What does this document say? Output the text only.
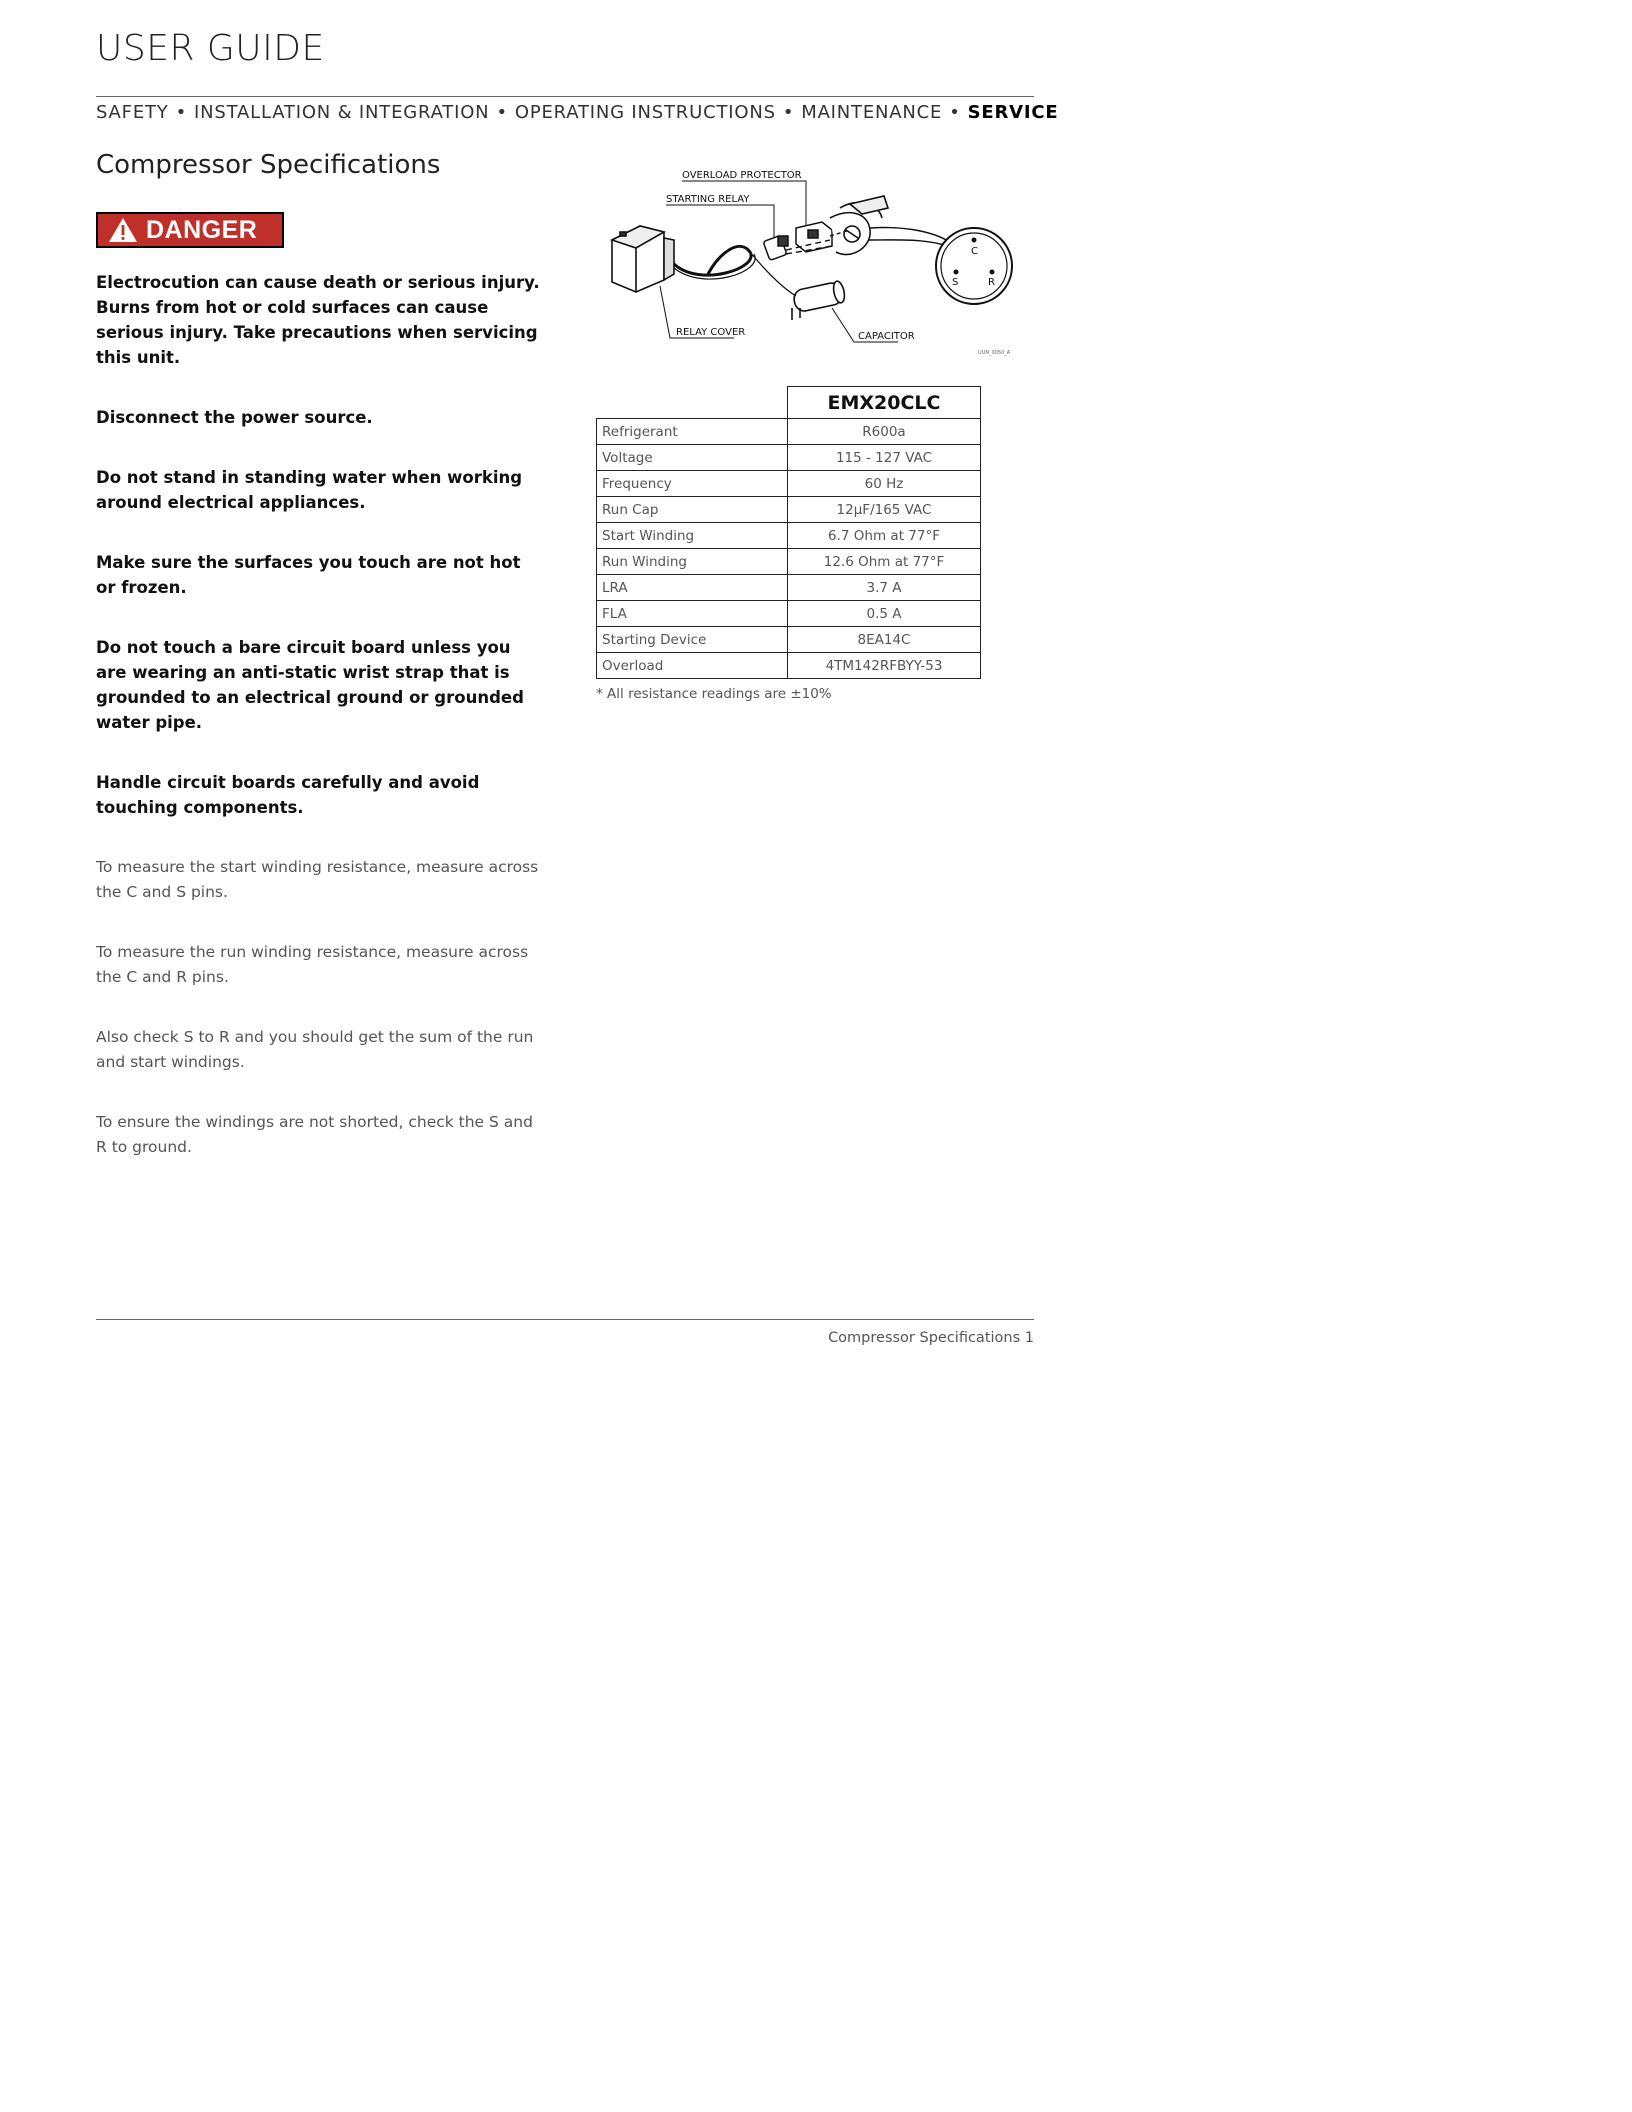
USER GUIDE
SAFETY • INSTALLATION & INTEGRATION • OPERATING INSTRUCTIONS • MAINTENANCE • SERVICE
Compressor Specifications
DANGER

Electrocution can cause death or serious injury. Burns from hot or cold surfaces can cause serious injury. Take precautions when servicing this unit.

Disconnect the power source.

Do not stand in standing water when working around electrical appliances.

Make sure the surfaces you touch are not hot or frozen.

Do not touch a bare circuit board unless you are wearing an anti-static wrist strap that is grounded to an electrical ground or grounded water pipe.

Handle circuit boards carefully and avoid touching components.

To measure the start winding resistance, measure across the C and S pins.

To measure the run winding resistance, measure across the C and R pins.

Also check S to R and you should get the sum of the run and start windings.

To ensure the windings are not shorted, check the S and R to ground.

C
S	R
OVERLOAD PROTECTOR
STARTING RELAY
RELAY COVER	CAPACITOR
UUN_0050_A
	EMX20CLC
Refrigerant	R600a
Voltage	115 - 127 VAC
Frequency	60 Hz
Run Cap	12µF/165 VAC
Start Winding	6.7 Ohm at 77°F
Run Winding	12.6 Ohm at 77°F
LRA	3.7 A
FLA	0.5 A
Starting Device	8EA14C
Overload	4TM142RFBYY-53
* All resistance readings are ±10%
Compressor Specifications 1
